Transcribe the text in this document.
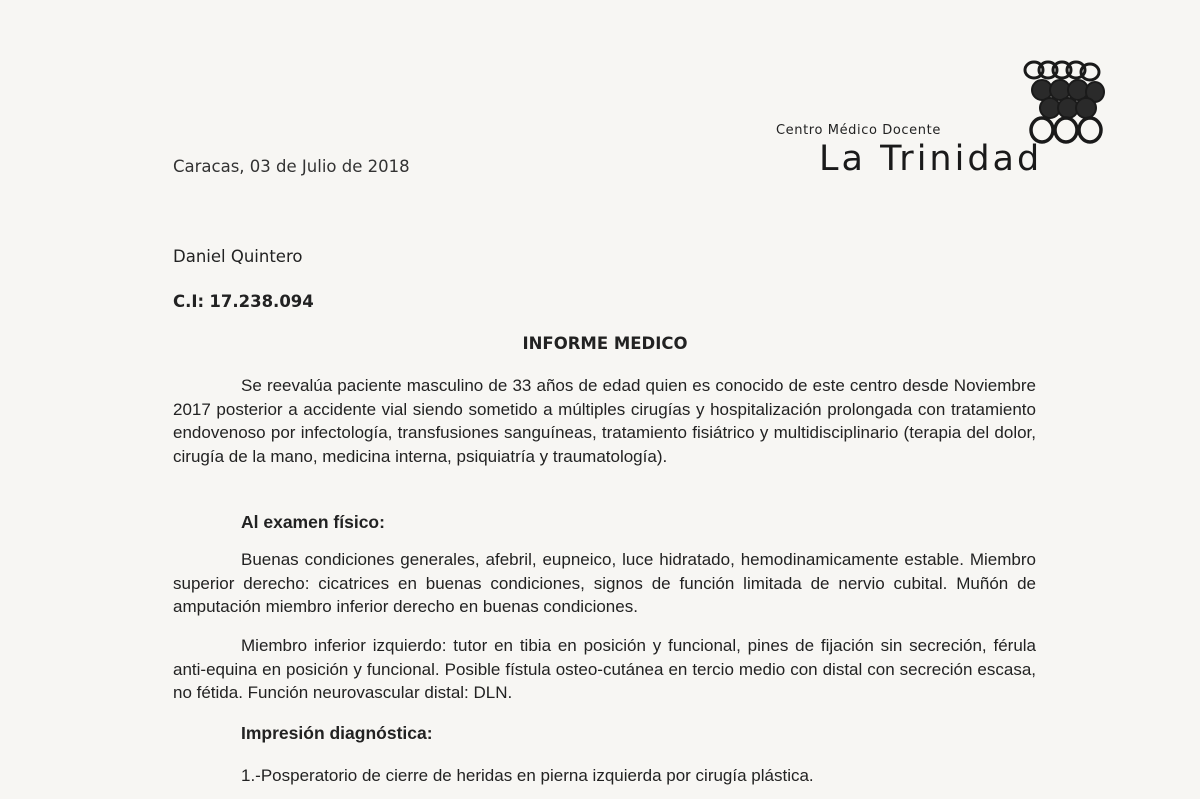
Centro Médico Docente
La Trinidad
Caracas, 03 de Julio de 2018
Daniel Quintero
C.I: 17.238.094
INFORME MEDICO

Se reevalúa paciente masculino de 33 años de edad quien es conocido de este centro desde Noviembre 2017 posterior a accidente vial siendo sometido a múltiples cirugías y hospitalización prolongada con tratamiento endovenoso por infectología, transfusiones sanguíneas, tratamiento fisiátrico y multidisciplinario (terapia del dolor, cirugía de la mano, medicina interna, psiquiatría y traumatología).

Al examen físico:

Buenas condiciones generales, afebril, eupneico, luce hidratado, hemodinamicamente estable. Miembro superior derecho: cicatrices en buenas condiciones, signos de función limitada de nervio cubital. Muñón de amputación miembro inferior derecho en buenas condiciones.

Miembro inferior izquierdo: tutor en tibia en posición y funcional, pines de fijación sin secreción, férula anti-equina en posición y funcional. Posible fístula osteo-cutánea en tercio medio con distal con secreción escasa, no fétida. Función neurovascular distal: DLN.

Impresión diagnóstica:

1.-Posperatorio de cierre de heridas en pierna izquierda por cirugía plástica.
